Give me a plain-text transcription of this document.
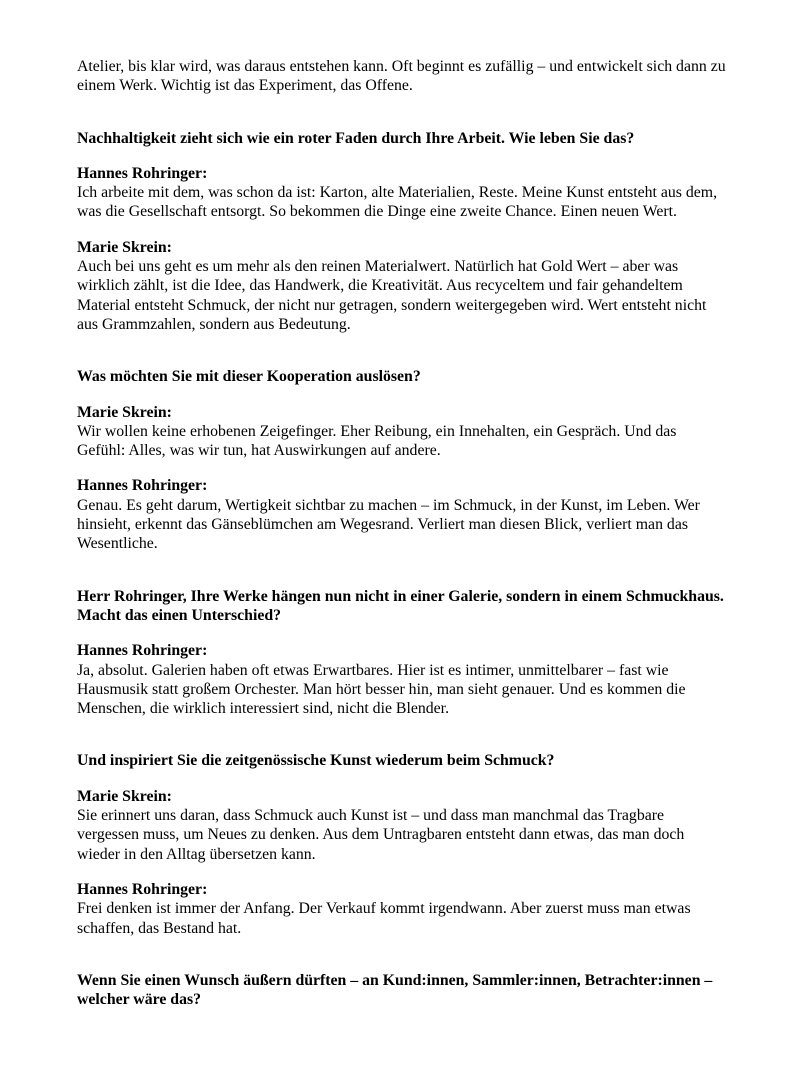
Atelier, bis klar wird, was daraus entstehen kann. Oft beginnt es zufällig – und entwickelt sich dann zu einem Werk. Wichtig ist das Experiment, das Offene.

Nachhaltigkeit zieht sich wie ein roter Faden durch Ihre Arbeit. Wie leben Sie das?

Hannes Rohringer:
Ich arbeite mit dem, was schon da ist: Karton, alte Materialien, Reste. Meine Kunst entsteht aus dem, was die Gesellschaft entsorgt. So bekommen die Dinge eine zweite Chance. Einen neuen Wert.
Marie Skrein:
Auch bei uns geht es um mehr als den reinen Materialwert. Natürlich hat Gold Wert – aber was wirklich zählt, ist die Idee, das Handwerk, die Kreativität. Aus recyceltem und fair gehandeltem Material entsteht Schmuck, der nicht nur getragen, sondern weitergegeben wird. Wert entsteht nicht aus Grammzahlen, sondern aus Bedeutung.

Was möchten Sie mit dieser Kooperation auslösen?

Marie Skrein:
Wir wollen keine erhobenen Zeigefinger. Eher Reibung, ein Innehalten, ein Gespräch. Und das Gefühl: Alles, was wir tun, hat Auswirkungen auf andere.
Hannes Rohringer:
Genau. Es geht darum, Wertigkeit sichtbar zu machen – im Schmuck, in der Kunst, im Leben. Wer hinsieht, erkennt das Gänseblümchen am Wegesrand. Verliert man diesen Blick, verliert man das Wesentliche.

Herr Rohringer, Ihre Werke hängen nun nicht in einer Galerie, sondern in einem Schmuckhaus. Macht das einen Unterschied?

Hannes Rohringer:
Ja, absolut. Galerien haben oft etwas Erwartbares. Hier ist es intimer, unmittelbarer – fast wie Hausmusik statt großem Orchester. Man hört besser hin, man sieht genauer. Und es kommen die Menschen, die wirklich interessiert sind, nicht die Blender.

Und inspiriert Sie die zeitgenössische Kunst wiederum beim Schmuck?

Marie Skrein:
Sie erinnert uns daran, dass Schmuck auch Kunst ist – und dass man manchmal das Tragbare vergessen muss, um Neues zu denken. Aus dem Untragbaren entsteht dann etwas, das man doch wieder in den Alltag übersetzen kann.
Hannes Rohringer:
Frei denken ist immer der Anfang. Der Verkauf kommt irgendwann. Aber zuerst muss man etwas schaffen, das Bestand hat.

Wenn Sie einen Wunsch äußern dürften – an Kund:innen, Sammler:innen, Betrachter:innen – welcher wäre das?
